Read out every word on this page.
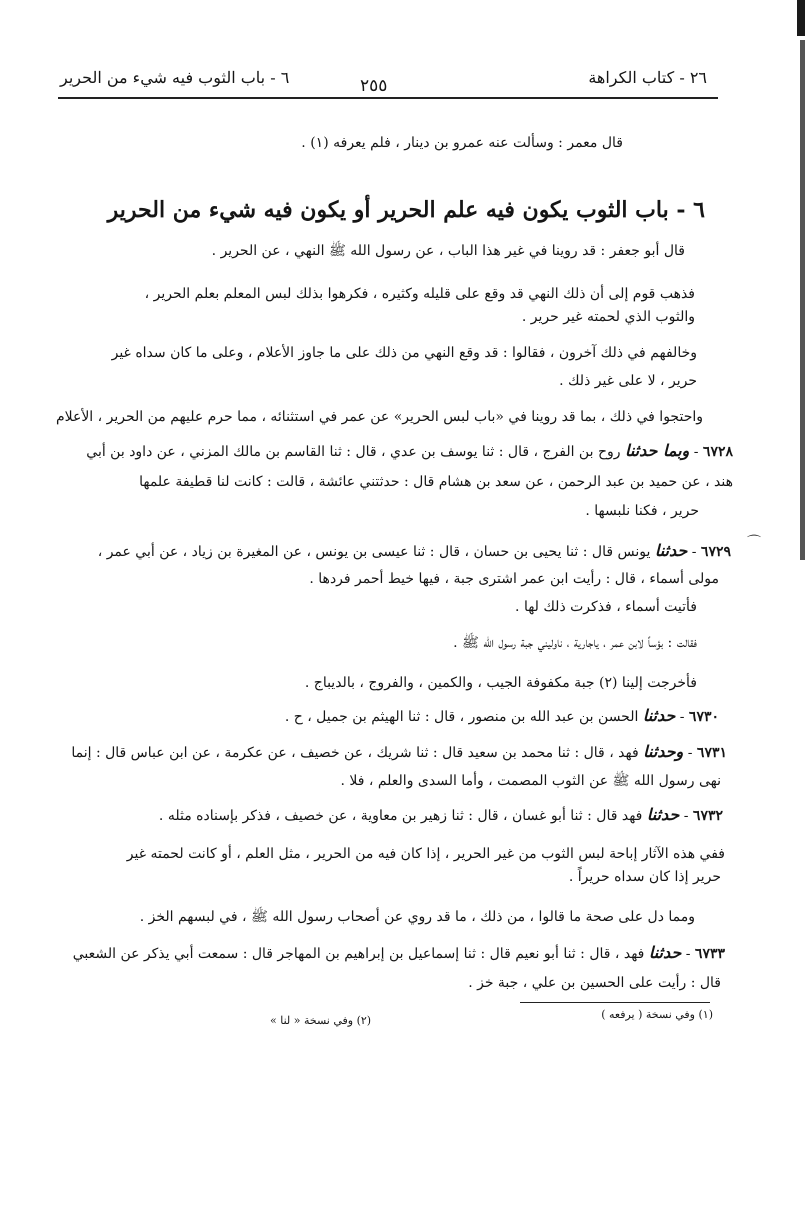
٢٦ - كتاب الكراهة
٢٥٥
٦ - باب الثوب فيه شيء من الحرير
قال معمر : وسألت عنه عمرو بن دينار ، فلم يعرفه (١) .
٦ - باب الثوب يكون فيه علم الحرير أو يكون فيه شيء من الحرير
قال أبو جعفر : قد روينا في غير هذا الباب ، عن رسول الله ﷺ النهي ، عن الحرير .
فذهب قوم إلى أن ذلك النهي قد وقع على قليله وكثيره ، فكرهوا بذلك لبس المعلم بعلم الحرير ،
والثوب الذي لحمته غير حرير .
وخالفهم في ذلك آخرون ، فقالوا : قد وقع النهي من ذلك على ما جاوز الأعلام ، وعلى ما كان سداه غير
حرير ، لا على غير ذلك .
واحتجوا في ذلك ، بما قد روينا في «باب لبس الحرير» عن عمر في استثنائه ، مما حرم عليهم من الحرير ، الأعلام
٦٧٢٨ - وبما حدثنا روح بن الفرج ، قال : ثنا يوسف بن عدي ، قال : ثنا القاسم بن مالك المزني ، عن داود بن أبي
هند ، عن حميد بن عبد الرحمن ، عن سعد بن هشام قال : حدثتني عائشة ، قالت : كانت لنا قطيفة علمها
حرير ، فكنا نلبسها .
⌒
٦٧٢٩ - حدثنا يونس قال : ثنا يحيى بن حسان ، قال : ثنا عيسى بن يونس ، عن المغيرة بن زياد ، عن أبي عمر ،
مولى أسماء ، قال : رأيت ابن عمر اشترى جبة ، فيها خيط أحمر فردها .
فأتيت أسماء ، فذكرت ذلك لها .
فقالت : بؤساً لابن عمر ، ياجارية ، ناوليني جبة رسول الله ﷺ .
فأخرجت إلينا (٢) جبة مكفوفة الجيب ، والكمين ، والفروج ، بالديباج .
٦٧٣٠ - حدثنا الحسن بن عبد الله بن منصور ، قال : ثنا الهيثم بن جميل ، ح .
٦٧٣١ - وحدثنا فهد ، قال : ثنا محمد بن سعيد قال : ثنا شريك ، عن خصيف ، عن عكرمة ، عن ابن عباس قال : إنما
نهى رسول الله ﷺ عن الثوب المصمت ، وأما السدى والعلم ، فلا .
٦٧٣٢ - حدثنا فهد قال : ثنا أبو غسان ، قال : ثنا زهير بن معاوية ، عن خصيف ، فذكر بإسناده مثله .
ففي هذه الآثار إباحة لبس الثوب من غير الحرير ، إذا كان فيه من الحرير ، مثل العلم ، أو كانت لحمته غير
حرير إذا كان سداه حريراً .
ومما دل على صحة ما قالوا ، من ذلك ، ما قد روي عن أصحاب رسول الله ﷺ ، في لبسهم الخز .
٦٧٣٣ - حدثنا فهد ، قال : ثنا أبو نعيم قال : ثنا إسماعيل بن إبراهيم بن المهاجر قال : سمعت أبي يذكر عن الشعبي
قال : رأيت على الحسين بن علي ، جبة خز .
(١) وفي نسخة ( يرفعه )
(٢) وفي نسخة « لنا »
